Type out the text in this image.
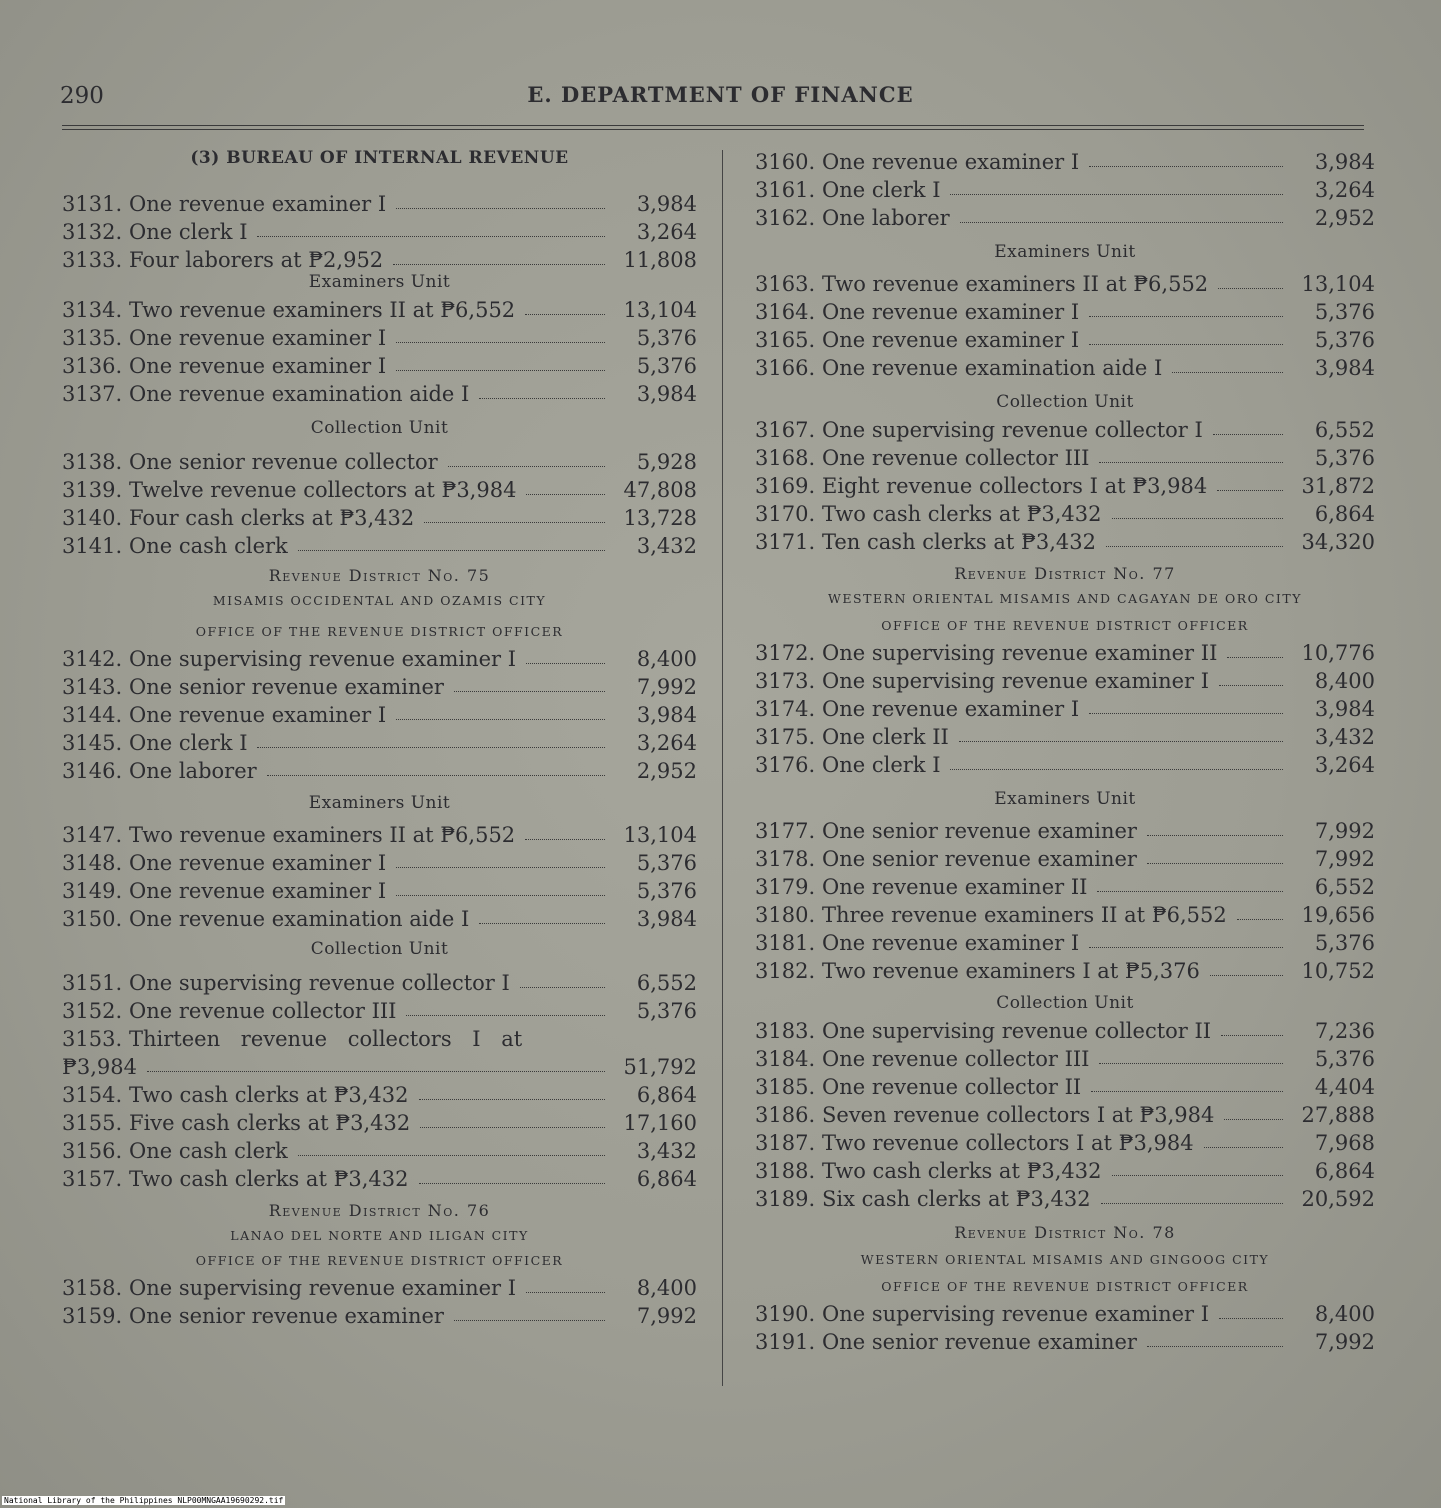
290	E. DEPARTMENT OF FINANCE
(3) BUREAU OF INTERNAL REVENUE
3131. One revenue examiner I	3,984
3132. One clerk I	3,264
3133. Four laborers at ₱2,952	11,808
Examiners Unit
3134. Two revenue examiners II at ₱6,552	13,104
3135. One revenue examiner I	5,376
3136. One revenue examiner I	5,376
3137. One revenue examination aide I	3,984
Collection Unit
3138. One senior revenue collector	5,928
3139. Twelve revenue collectors at ₱3,984	47,808
3140. Four cash clerks at ₱3,432	13,728
3141. One cash clerk	3,432
Revenue District No. 75
MISAMIS OCCIDENTAL AND OZAMIS CITY
OFFICE OF THE REVENUE DISTRICT OFFICER
3142. One supervising revenue examiner I	8,400
3143. One senior revenue examiner	7,992
3144. One revenue examiner I	3,984
3145. One clerk I	3,264
3146. One laborer	2,952
Examiners Unit
3147. Two revenue examiners II at ₱6,552	13,104
3148. One revenue examiner I	5,376
3149. One revenue examiner I	5,376
3150. One revenue examination aide I	3,984
Collection Unit
3151. One supervising revenue collector I	6,552
3152. One revenue collector III	5,376
3153. Thirteen revenue collectors I at
₱3,984	51,792
3154. Two cash clerks at ₱3,432	6,864
3155. Five cash clerks at ₱3,432	17,160
3156. One cash clerk	3,432
3157. Two cash clerks at ₱3,432	6,864
Revenue District No. 76
LANAO DEL NORTE AND ILIGAN CITY
OFFICE OF THE REVENUE DISTRICT OFFICER
3158. One supervising revenue examiner I	8,400
3159. One senior revenue examiner	7,992
3160. One revenue examiner I	3,984
3161. One clerk I	3,264
3162. One laborer	2,952
Examiners Unit
3163. Two revenue examiners II at ₱6,552	13,104
3164. One revenue examiner I	5,376
3165. One revenue examiner I	5,376
3166. One revenue examination aide I	3,984
Collection Unit
3167. One supervising revenue collector I	6,552
3168. One revenue collector III	5,376
3169. Eight revenue collectors I at ₱3,984	31,872
3170. Two cash clerks at ₱3,432	6,864
3171. Ten cash clerks at ₱3,432	34,320
Revenue District No. 77
WESTERN ORIENTAL MISAMIS AND CAGAYAN DE ORO CITY
OFFICE OF THE REVENUE DISTRICT OFFICER
3172. One supervising revenue examiner II	10,776
3173. One supervising revenue examiner I	8,400
3174. One revenue examiner I	3,984
3175. One clerk II	3,432
3176. One clerk I	3,264
Examiners Unit
3177. One senior revenue examiner	7,992
3178. One senior revenue examiner	7,992
3179. One revenue examiner II	6,552
3180. Three revenue examiners II at ₱6,552	19,656
3181. One revenue examiner I	5,376
3182. Two revenue examiners I at ₱5,376	10,752
Collection Unit
3183. One supervising revenue collector II	7,236
3184. One revenue collector III	5,376
3185. One revenue collector II	4,404
3186. Seven revenue collectors I at ₱3,984	27,888
3187. Two revenue collectors I at ₱3,984	7,968
3188. Two cash clerks at ₱3,432	6,864
3189. Six cash clerks at ₱3,432	20,592
Revenue District No. 78
WESTERN ORIENTAL MISAMIS AND GINGOOG CITY
OFFICE OF THE REVENUE DISTRICT OFFICER
3190. One supervising revenue examiner I	8,400
3191. One senior revenue examiner	7,992
National Library of the Philippines NLP00MNGAA19690292.tif
